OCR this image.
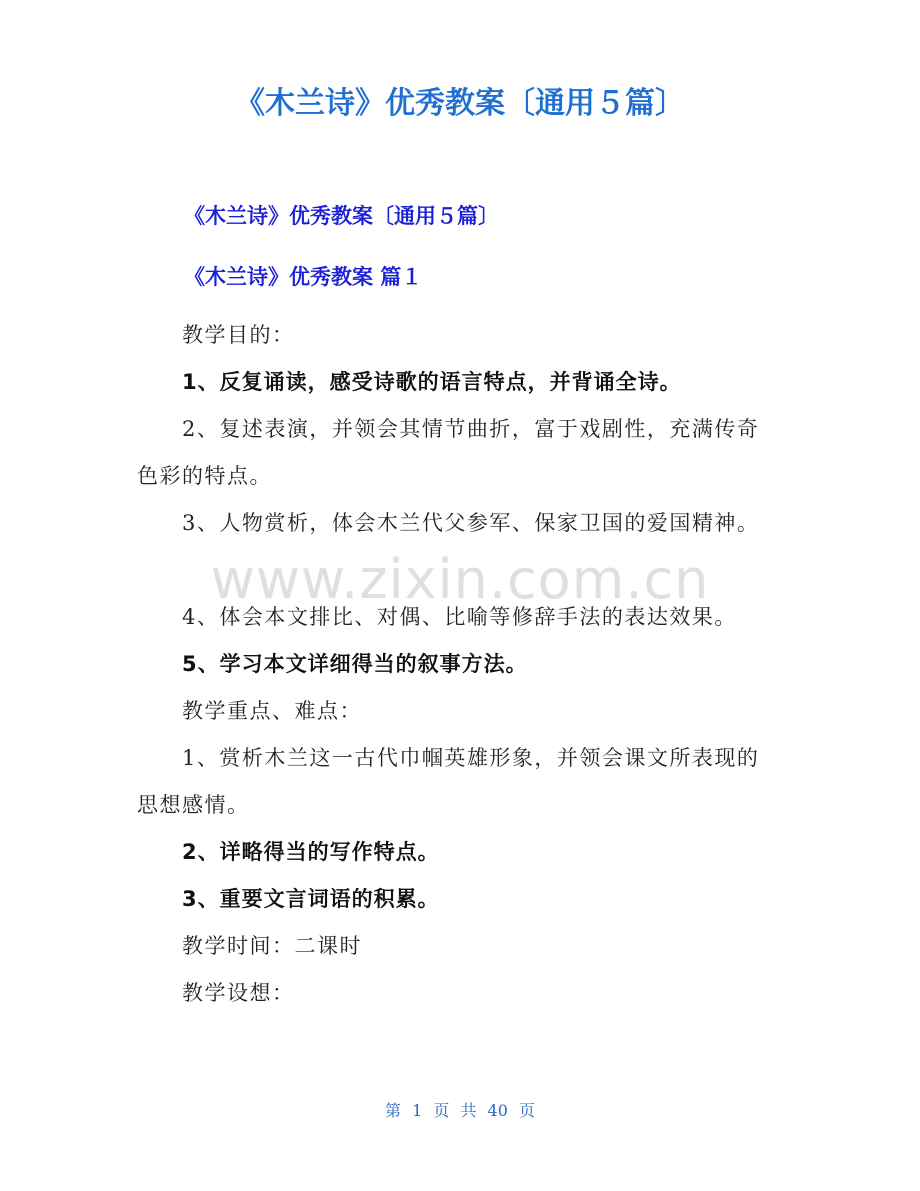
《木兰诗》优秀教案〔通用５篇〕
《木兰诗》优秀教案〔通用５篇〕
《木兰诗》优秀教案 篇１

教学目的：

1、反复诵读，感受诗歌的语言特点，并背诵全诗。

2、复述表演，并领会其情节曲折，富于戏剧性，充满传奇色彩的特点。

3、人物赏析，体会木兰代父参军、保家卫国的爱国精神。

4、体会本文排比、对偶、比喻等修辞手法的表达效果。

5、学习本文详细得当的叙事方法。

教学重点、难点：

1、赏析木兰这一古代巾帼英雄形象，并领会课文所表现的思想感情。

2、详略得当的写作特点。

3、重要文言词语的积累。

教学时间：二课时

教学设想：

www.zixin.com.cn
第 1 页 共 40 页
